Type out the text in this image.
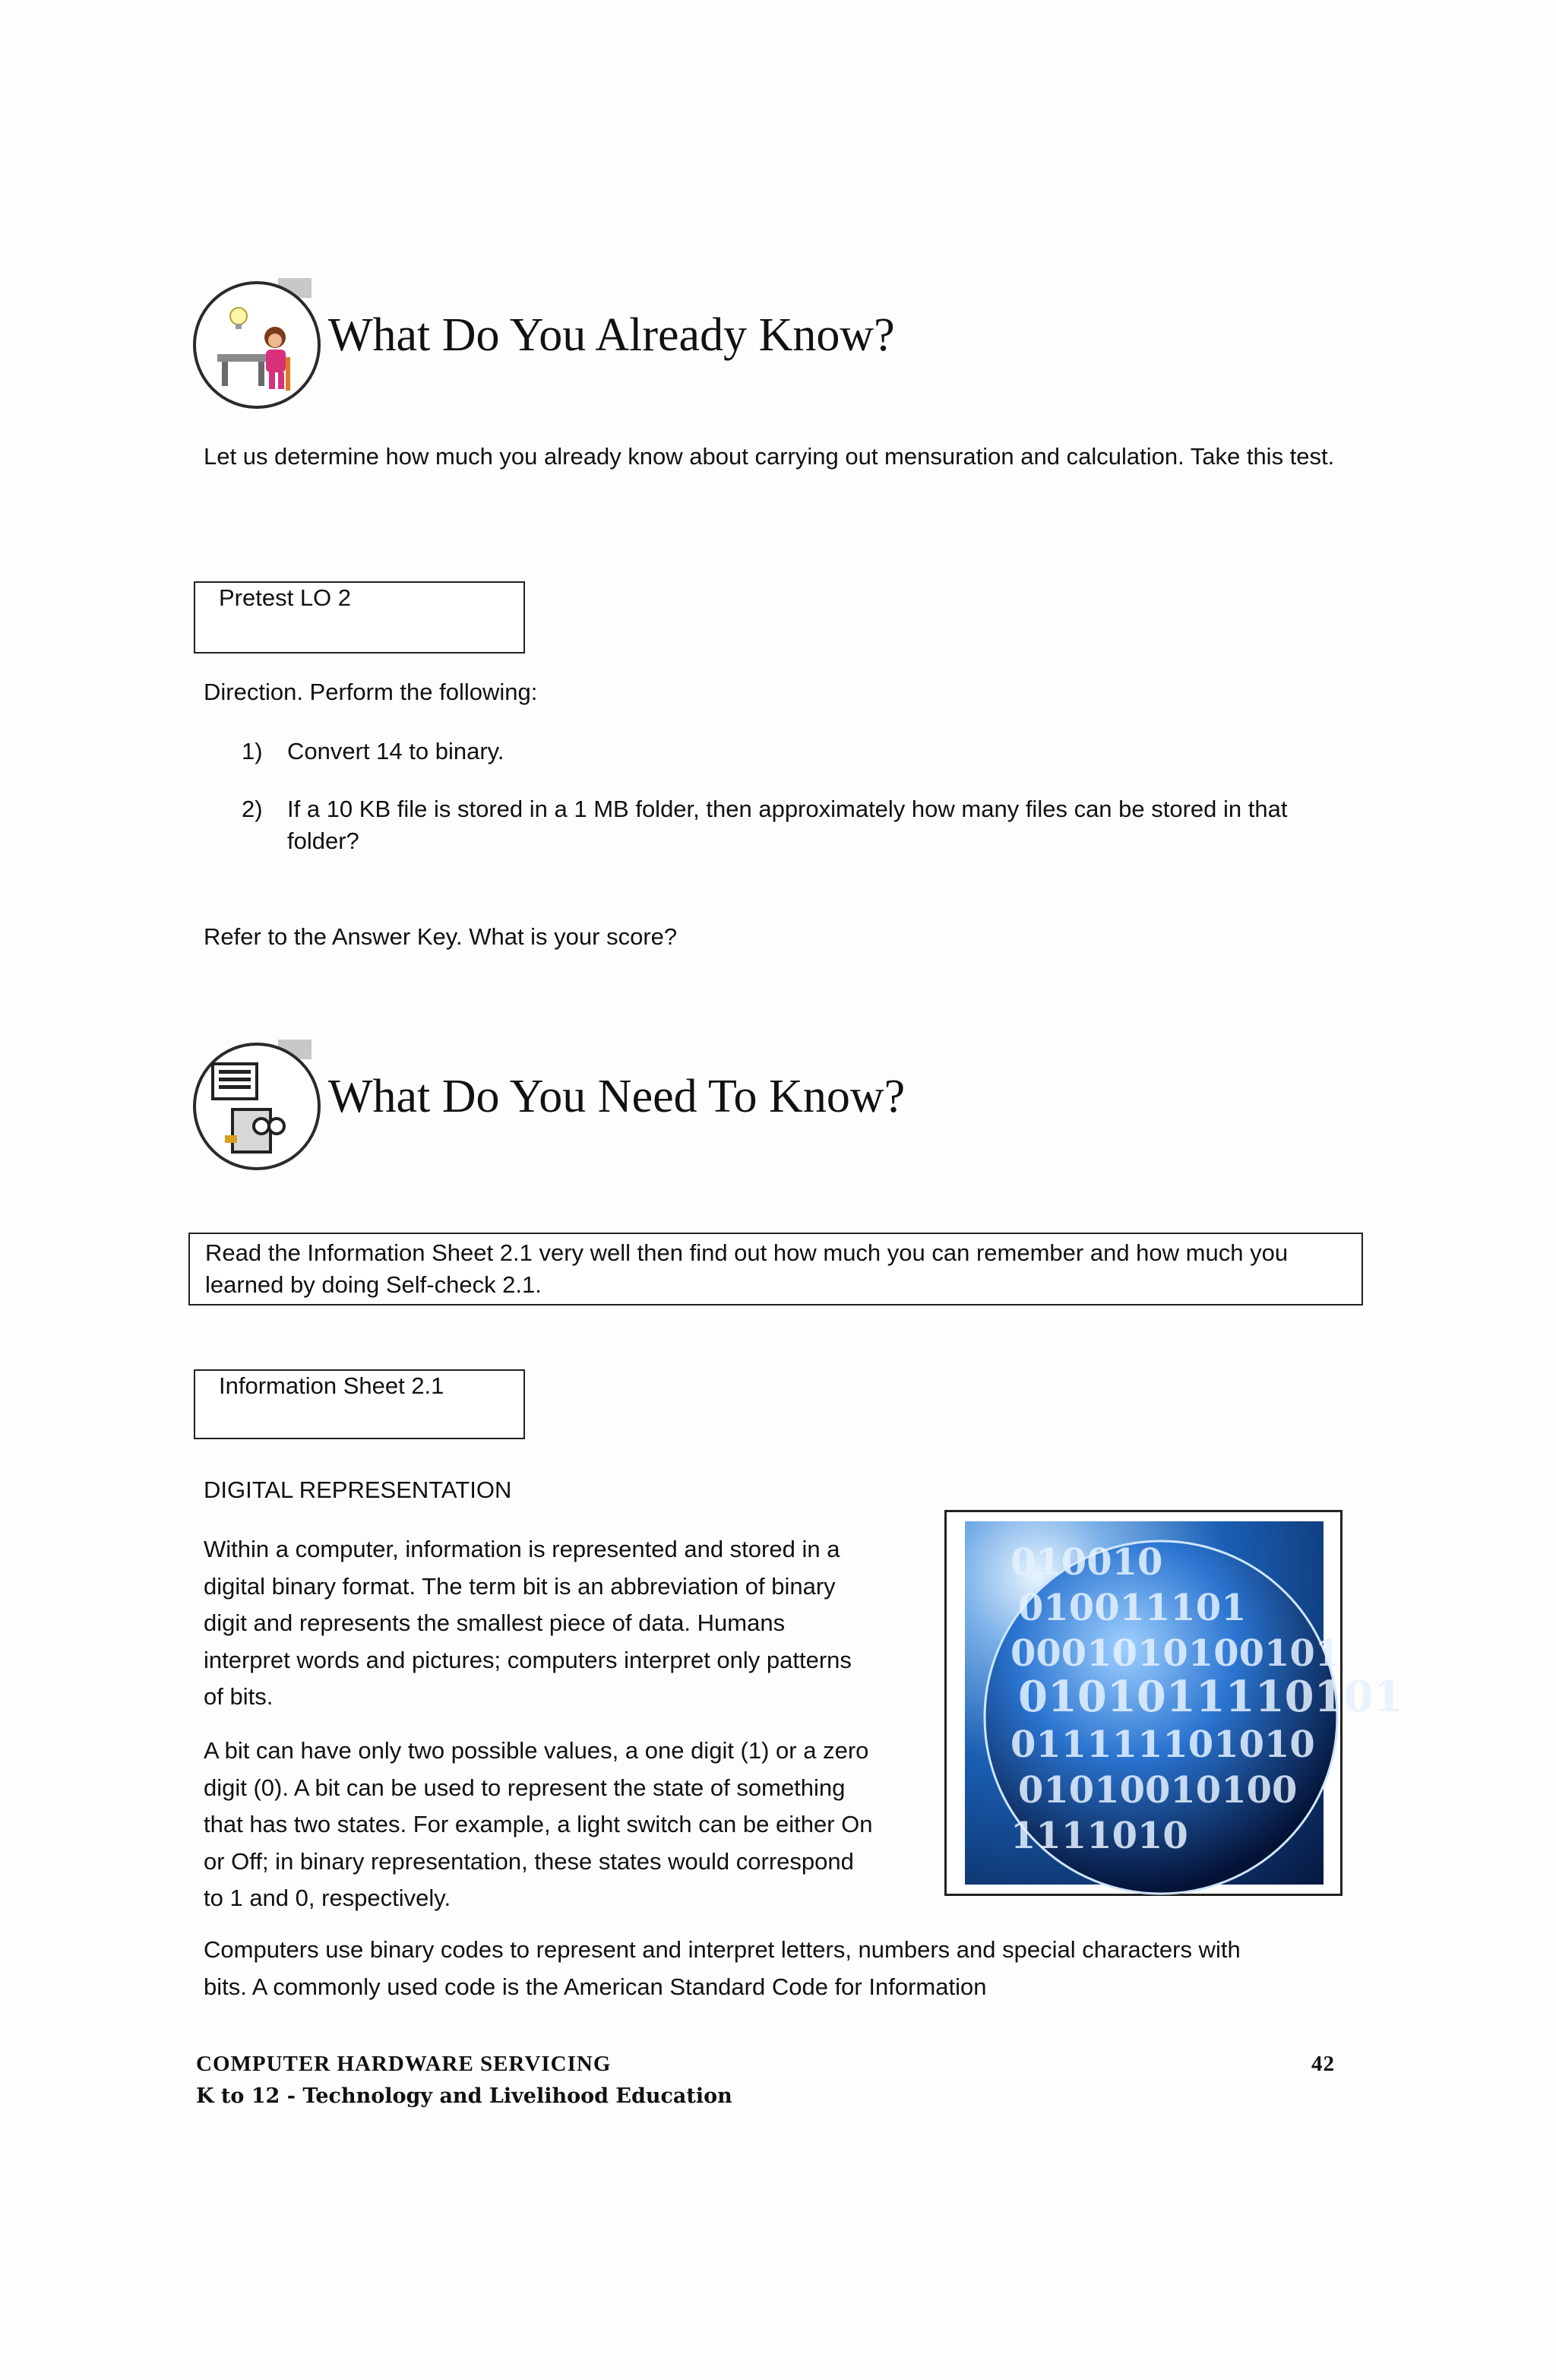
What Do You Already Know?
Let us determine how much you already know about carrying out mensuration and calculation. Take this test.
Pretest LO 2
Direction. Perform the following:
1) Convert 14 to binary.
2)	If a 10 KB file is stored in a 1 MB folder, then approximately how many files can be stored in that folder?
Refer to the Answer Key. What is your score?
What Do You Need To Know?
Read the Information Sheet 2.1 very well then find out how much you can remember and how much you learned by doing Self-check 2.1.
Information Sheet 2.1
DIGITAL REPRESENTATION
Within a computer, information is represented and stored in a digital binary format. The term bit is an abbreviation of binary digit and represents the smallest piece of data. Humans interpret words and pictures; computers interpret only patterns of bits.
A bit can have only two possible values, a one digit (1) or a zero digit (0). A bit can be used to represent the state of something that has two states. For example, a light switch can be either On or Off; in binary representation, these states would correspond to 1 and 0, respectively.
010010
010011101
0001010100101
0101011110101
011111101010
01010010100
1111010
Computers use binary codes to represent and interpret letters, numbers and special characters with bits. A commonly used code is the American Standard Code for Information
COMPUTER HARDWARE SERVICING
K to 12 - Technology and Livelihood Education
42
